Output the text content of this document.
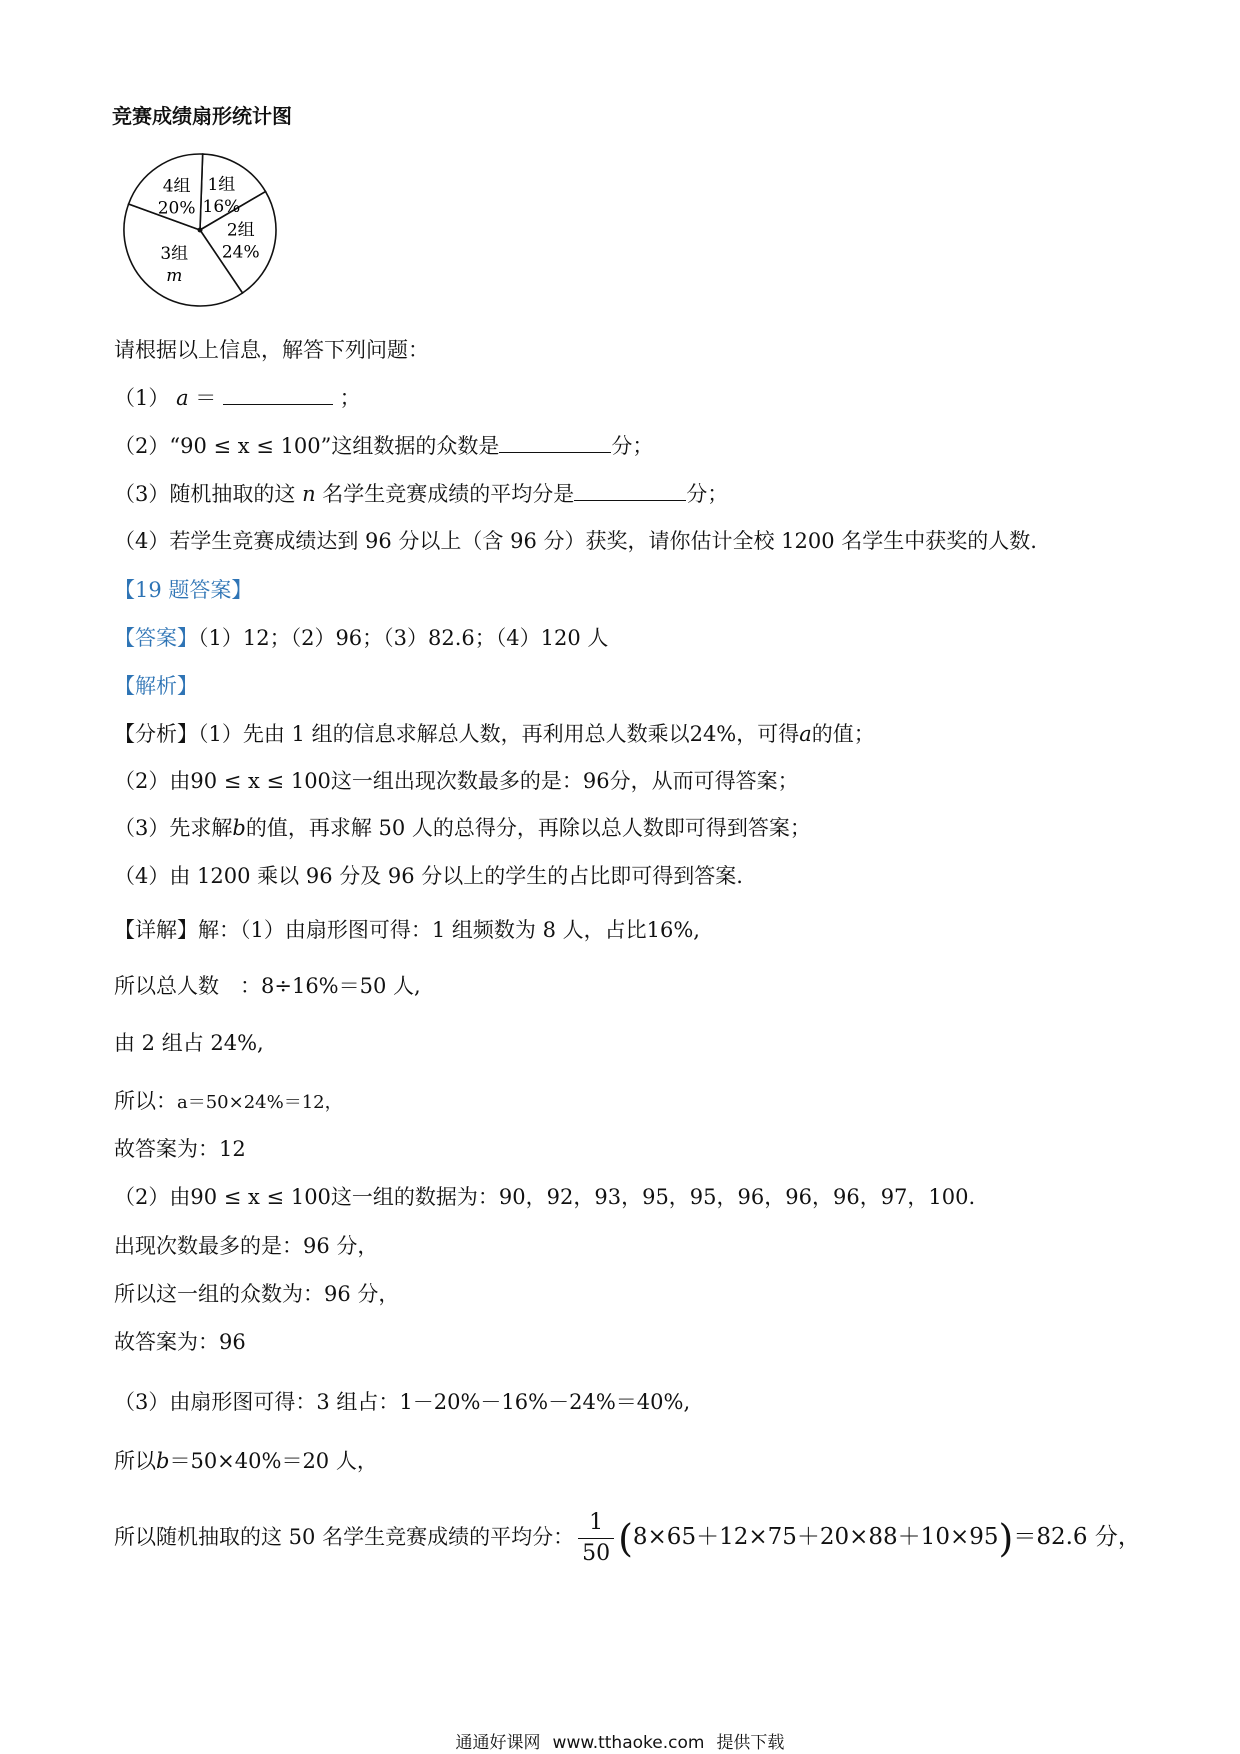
竞赛成绩扇形统计图
1组
16%
2组
24%
3组
m
4组
20%
请根据以上信息，解答下列问题：
（1） a ＝	；
（2）“90 ≤ x ≤ 100”这组数据的众数是	分；
（3）随机抽取的这 n 名学生竞赛成绩的平均分是	分；
（4）若学生竞赛成绩达到 96 分以上（含 96 分）获奖，请你估计全校 1200 名学生中获奖的人数.
【19 题答案】
【答案】（1）12；（2）96；（3）82.6；（4）120 人
【解析】
【分析】（1）先由 1 组的信息求解总人数，再利用总人数乘以24%，可得a的值；
（2）由90 ≤ x ≤ 100这一组出现次数最多的是：96分，从而可得答案；
（3）先求解b的值，再求解 50 人的总得分，再除以总人数即可得到答案；
（4）由 1200 乘以 96 分及 96 分以上的学生的占比即可得到答案.
【详解】解：（1）由扇形图可得：1 组频数为 8 人，占比16%,
所以总人数　：8÷16%＝50 人,
由 2 组占 24%,
所以：a＝50×24%＝12，
故答案为：12
（2）由90 ≤ x ≤ 100这一组的数据为：90，92，93，95，95，96，96，96，97，100.
出现次数最多的是：96 分，
所以这一组的众数为：96 分，
故答案为：96
（3）由扇形图可得：3 组占：1－20%－16%－24%＝40%,
所以b＝50×40%＝20 人，
所以随机抽取的这 50 名学生竞赛成绩的平均分： $\frac{1}{50} (8\times 65+12\times 75+20\times 88+10\times 95)=82.6$ 分，
通通好课网 www.tthaoke.com 提供下载
